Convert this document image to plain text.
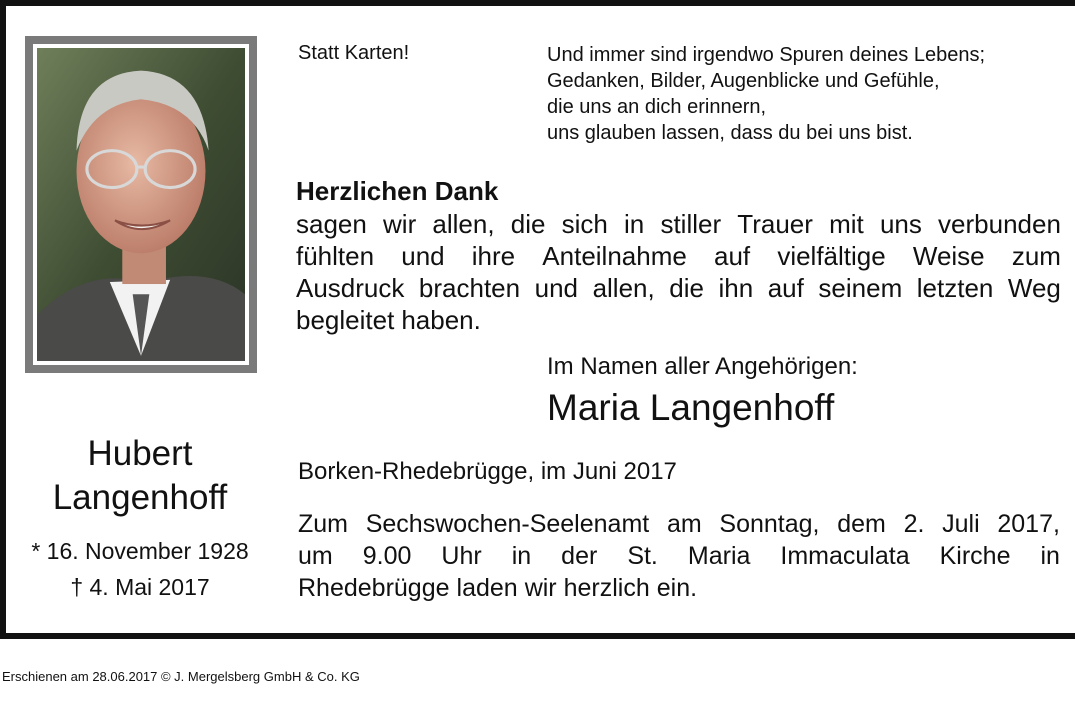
Hubert
Langenhoff
* 16. November 1928
† 4. Mai 2017
Statt Karten!	Und immer sind irgendwo Spuren deines Lebens;
Gedanken, Bilder, Augenblicke und Gefühle,
die uns an dich erinnern,
uns glauben lassen, dass du bei uns bist.
Herzlichen Dank
sagen wir allen, die sich in stiller Trauer mit uns verbunden
fühlten und ihre Anteilnahme auf vielfältige Weise zum
Ausdruck brachten und allen, die ihn auf seinem letzten Weg
begleitet haben.
Im Namen aller Angehörigen:
Maria Langenhoff
Borken-Rhedebrügge, im Juni 2017
Zum Sechswochen-Seelenamt am Sonntag, dem 2. Juli 2017,
um 9.00 Uhr in der St. Maria Immaculata Kirche in
Rhedebrügge laden wir herzlich ein.
Erschienen am 28.06.2017 © J. Mergelsberg GmbH & Co. KG
